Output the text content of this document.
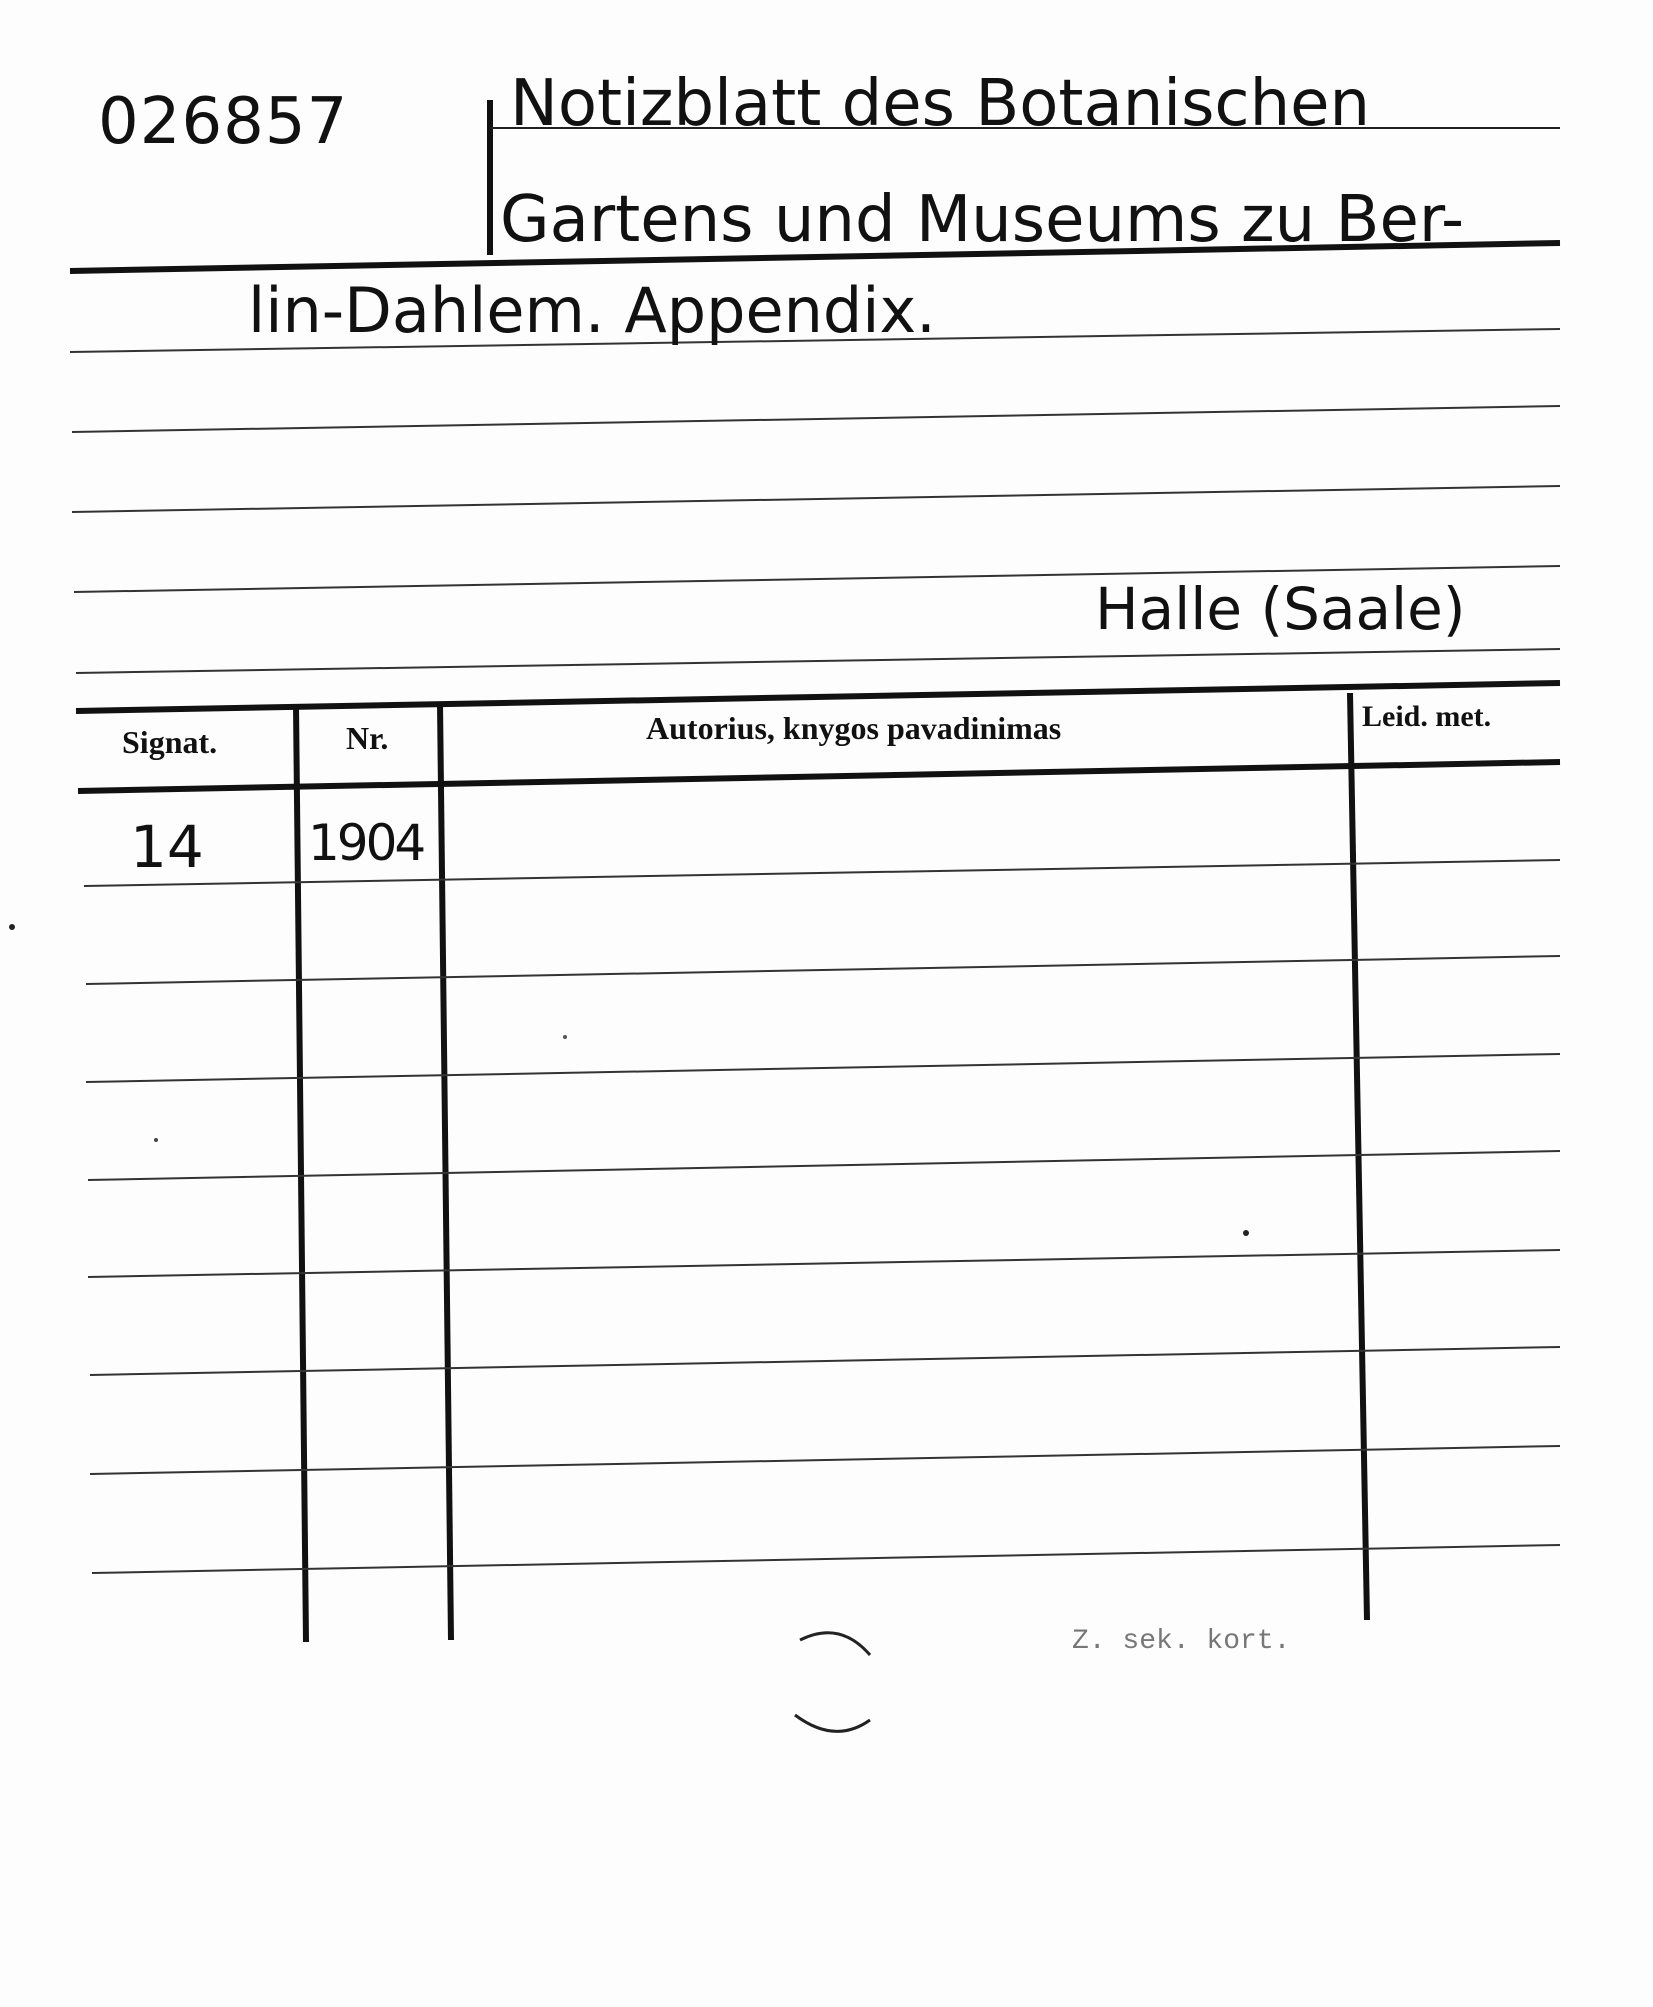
026857	Notizblatt des Botanischen
Gartens und Museums zu Ber-
lin-Dahlem. Appendix.
Halle (Saale)
Signat.	Nr.	Autorius, knygos pavadinimas	Leid. met.
14 1904
Z. sek. kort.
